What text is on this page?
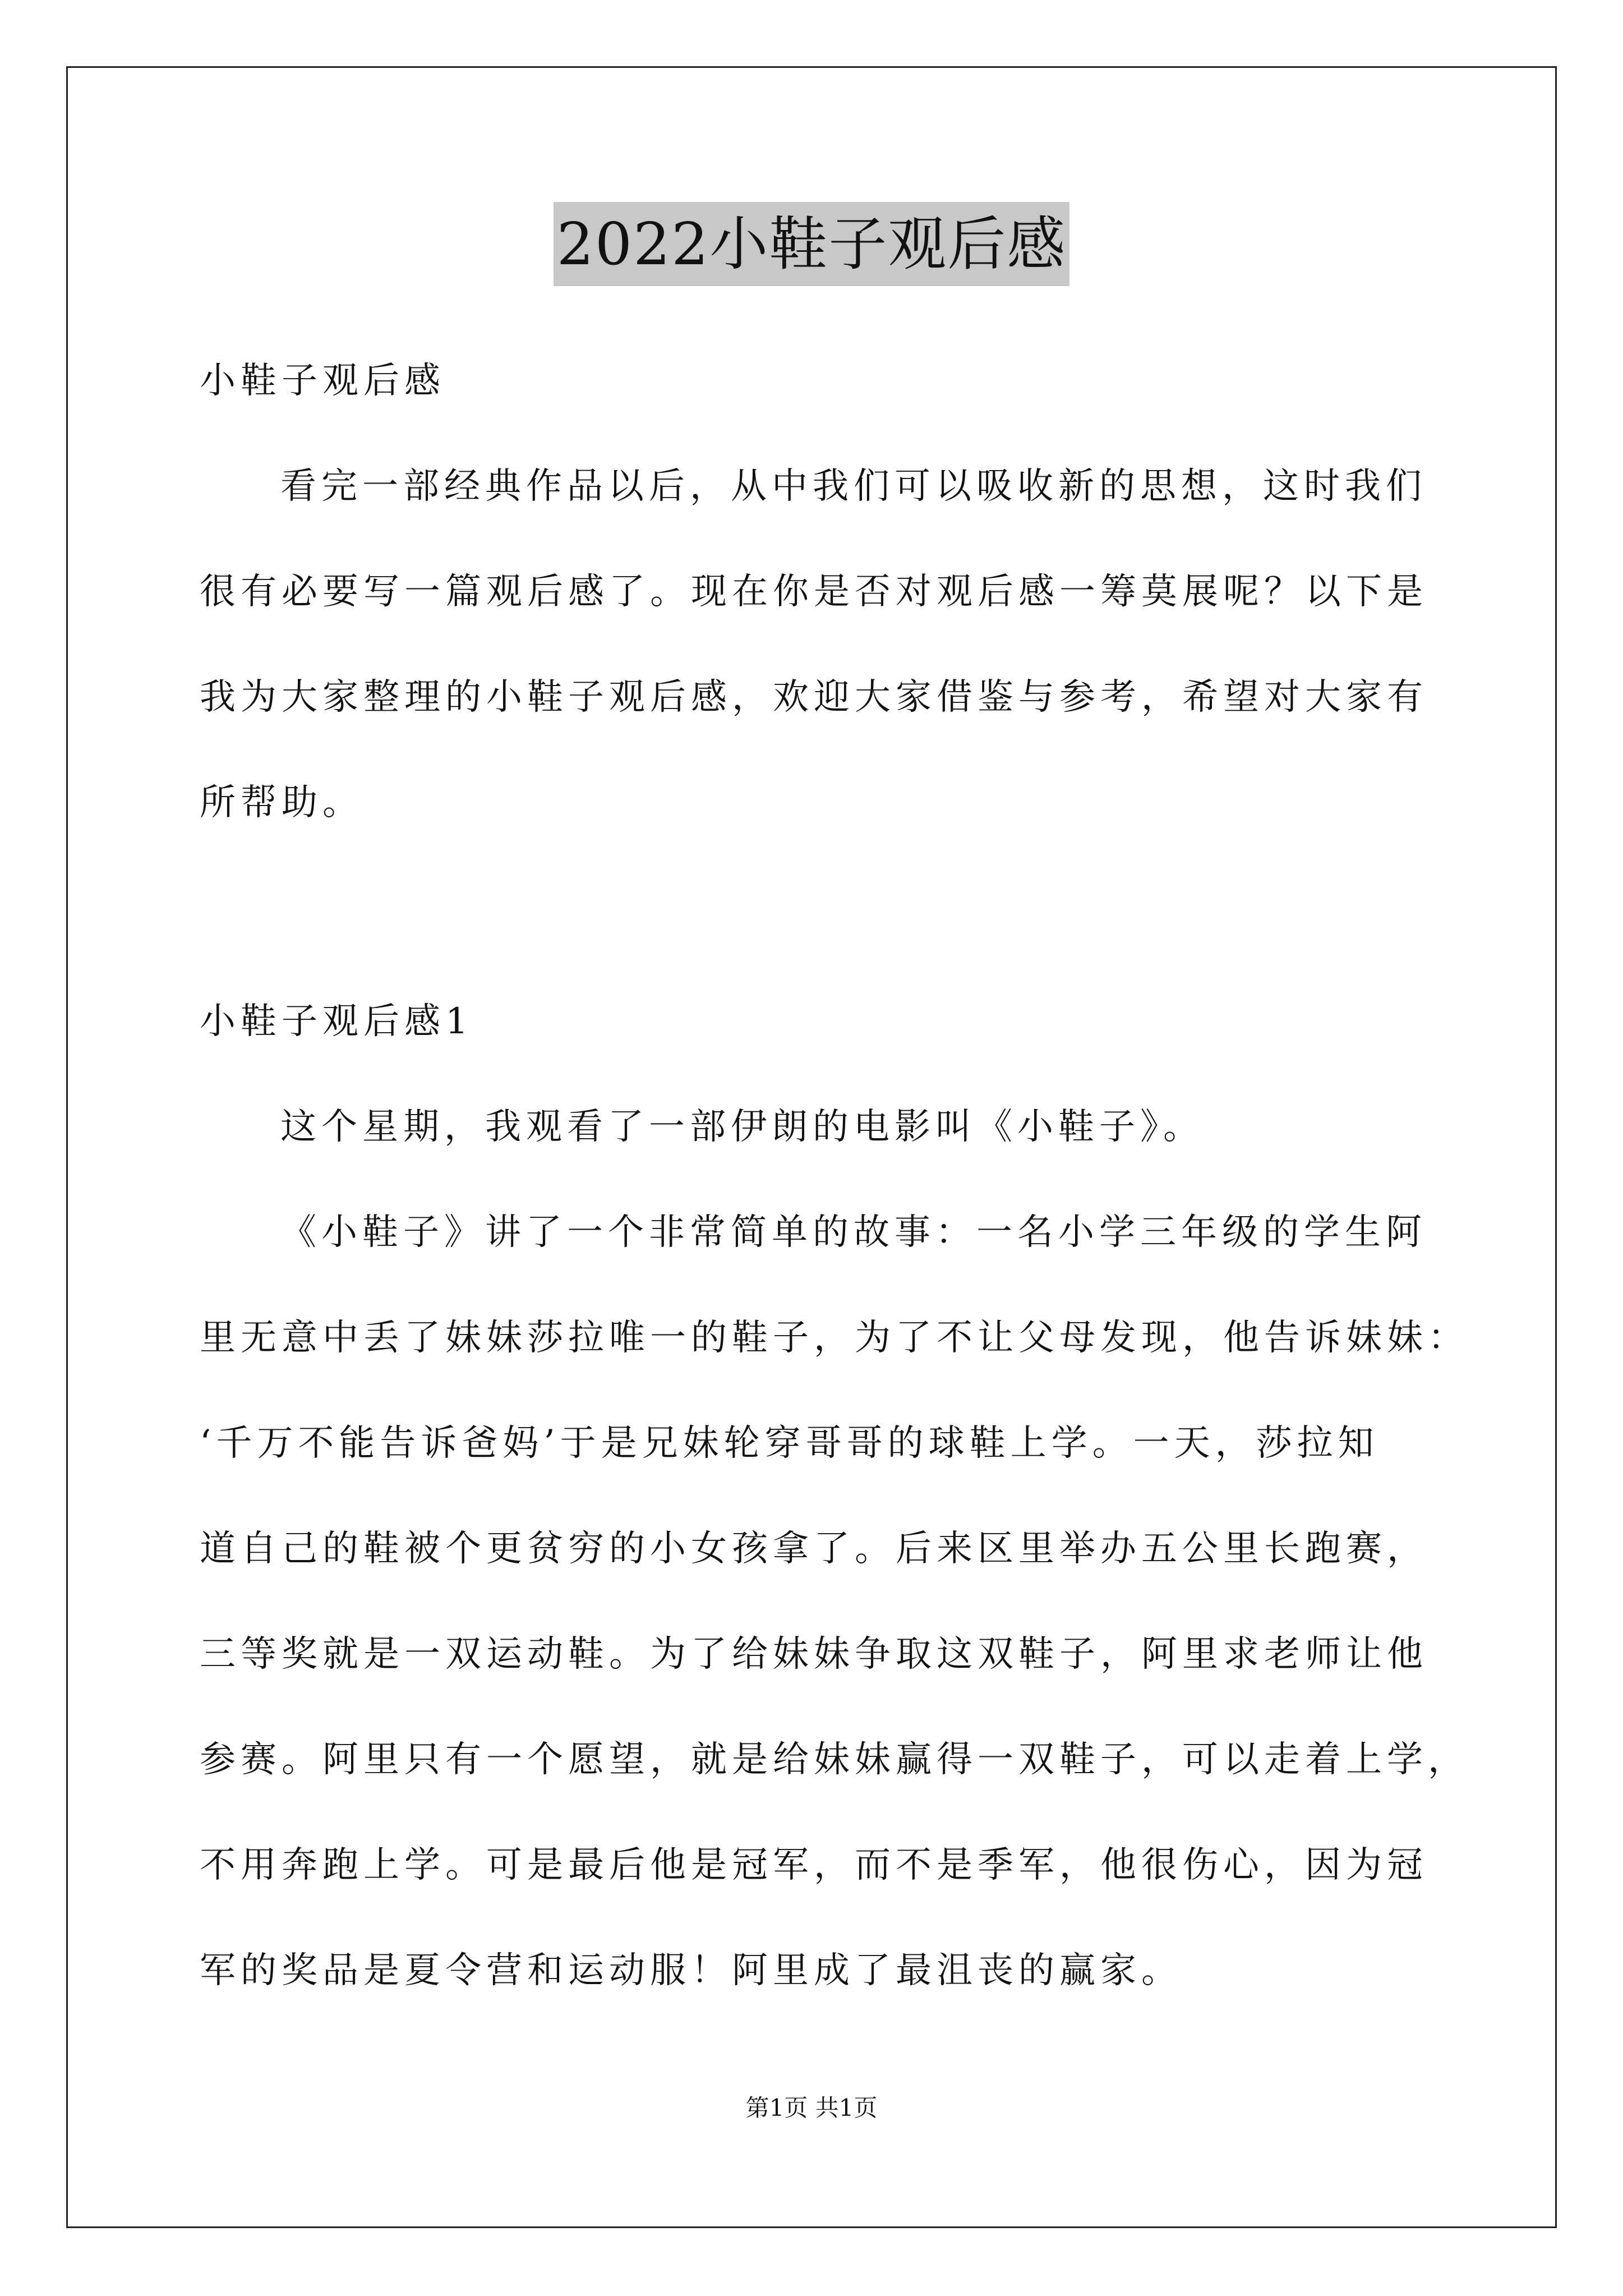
2022小鞋子观后感
小鞋子观后感
看完一部经典作品以后，从中我们可以吸收新的思想，这时我们
很有必要写一篇观后感了。现在你是否对观后感一筹莫展呢？以下是
我为大家整理的小鞋子观后感，欢迎大家借鉴与参考，希望对大家有
所帮助。
小鞋子观后感1
这个星期，我观看了一部伊朗的电影叫《小鞋子》。
《小鞋子》讲了一个非常简单的故事：一名小学三年级的学生阿
里无意中丢了妹妹莎拉唯一的鞋子，为了不让父母发现，他告诉妹妹：
‘千万不能告诉爸妈’于是兄妹轮穿哥哥的球鞋上学。一天，莎拉知
道自己的鞋被个更贫穷的小女孩拿了。后来区里举办五公里长跑赛，
三等奖就是一双运动鞋。为了给妹妹争取这双鞋子，阿里求老师让他
参赛。阿里只有一个愿望，就是给妹妹赢得一双鞋子，可以走着上学，
不用奔跑上学。可是最后他是冠军，而不是季军，他很伤心，因为冠
军的奖品是夏令营和运动服！阿里成了最沮丧的赢家。
第1页 共1页
